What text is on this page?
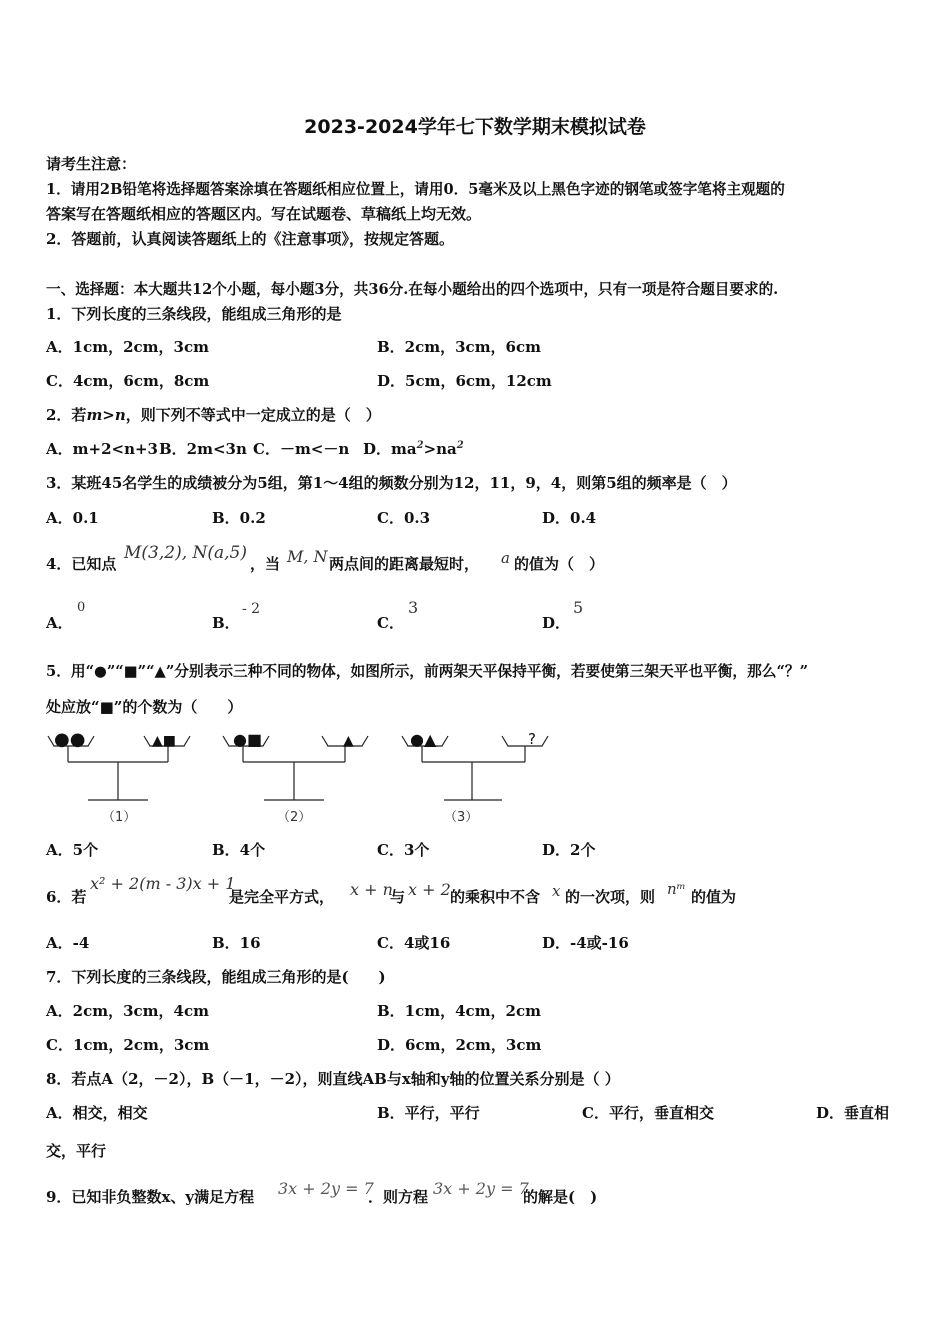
2023-2024学年七下数学期末模拟试卷
请考生注意：
1．请用2B铅笔将选择题答案涂填在答题纸相应位置上，请用0．5毫米及以上黑色字迹的钢笔或签字笔将主观题的
答案写在答题纸相应的答题区内。写在试题卷、草稿纸上均无效。
2．答题前，认真阅读答题纸上的《注意事项》，按规定答题。
一、选择题：本大题共12个小题，每小题3分，共36分.在每小题给出的四个选项中，只有一项是符合题目要求的.
1．下列长度的三条线段，能组成三角形的是
A．1cm，2cm，3cm	B．2cm，3cm，6cm
C．4cm，6cm，8cm	D．5cm，6cm，12cm
2．若m>n，则下列不等式中一定成立的是（　）
A．m+2<n+3 B．2m<3n C．－m<－n D．$ma^2>na^2$
3．某班45名学生的成绩被分为5组，第1～4组的频数分别为12，11，9，4，则第5组的频率是（　）
A．0.1	B．0.2	C．0.3	D．0.4
4．已知点
M(3,2), N(a,5)
，当 M, N 两点间的距离最短时， a 的值为（　）
A．
0
B．
- 2
C．
3
D．
5
5．用“●”“■”“▲”分别表示三种不同的物体，如图所示，前两架天平保持平衡，若要使第三架天平也平衡，那么“？”
处应放“■”的个数为（　　）
●●	▲■	●■	▲	●▲	?
（1）	（2）	（3）
A．5个	B．4个	C．3个	D．2个
6．若
x² + 2(m - 3)x + 1
是完全平方式， x + n
与 x + 2 的乘积中不含 x 的一次项，则 nᵐ 的值为
A．-4	B．16	C．4或16	D．-4或-16
7．下列长度的三条线段，能组成三角形的是(　　)
A．2cm，3cm，4cm	B．1cm，4cm，2cm
C．1cm，2cm，3cm	D．6cm，2cm，3cm
8．若点A（2，－2），B（－1，－2），则直线AB与x轴和y轴的位置关系分别是（ ）
A．相交，相交	B．平行，平行	C．平行，垂直相交	D．垂直相
交，平行
9．已知非负整数x、y满足方程 3x + 2y = 7
．则方程 3x + 2y = 7
的解是(　)
